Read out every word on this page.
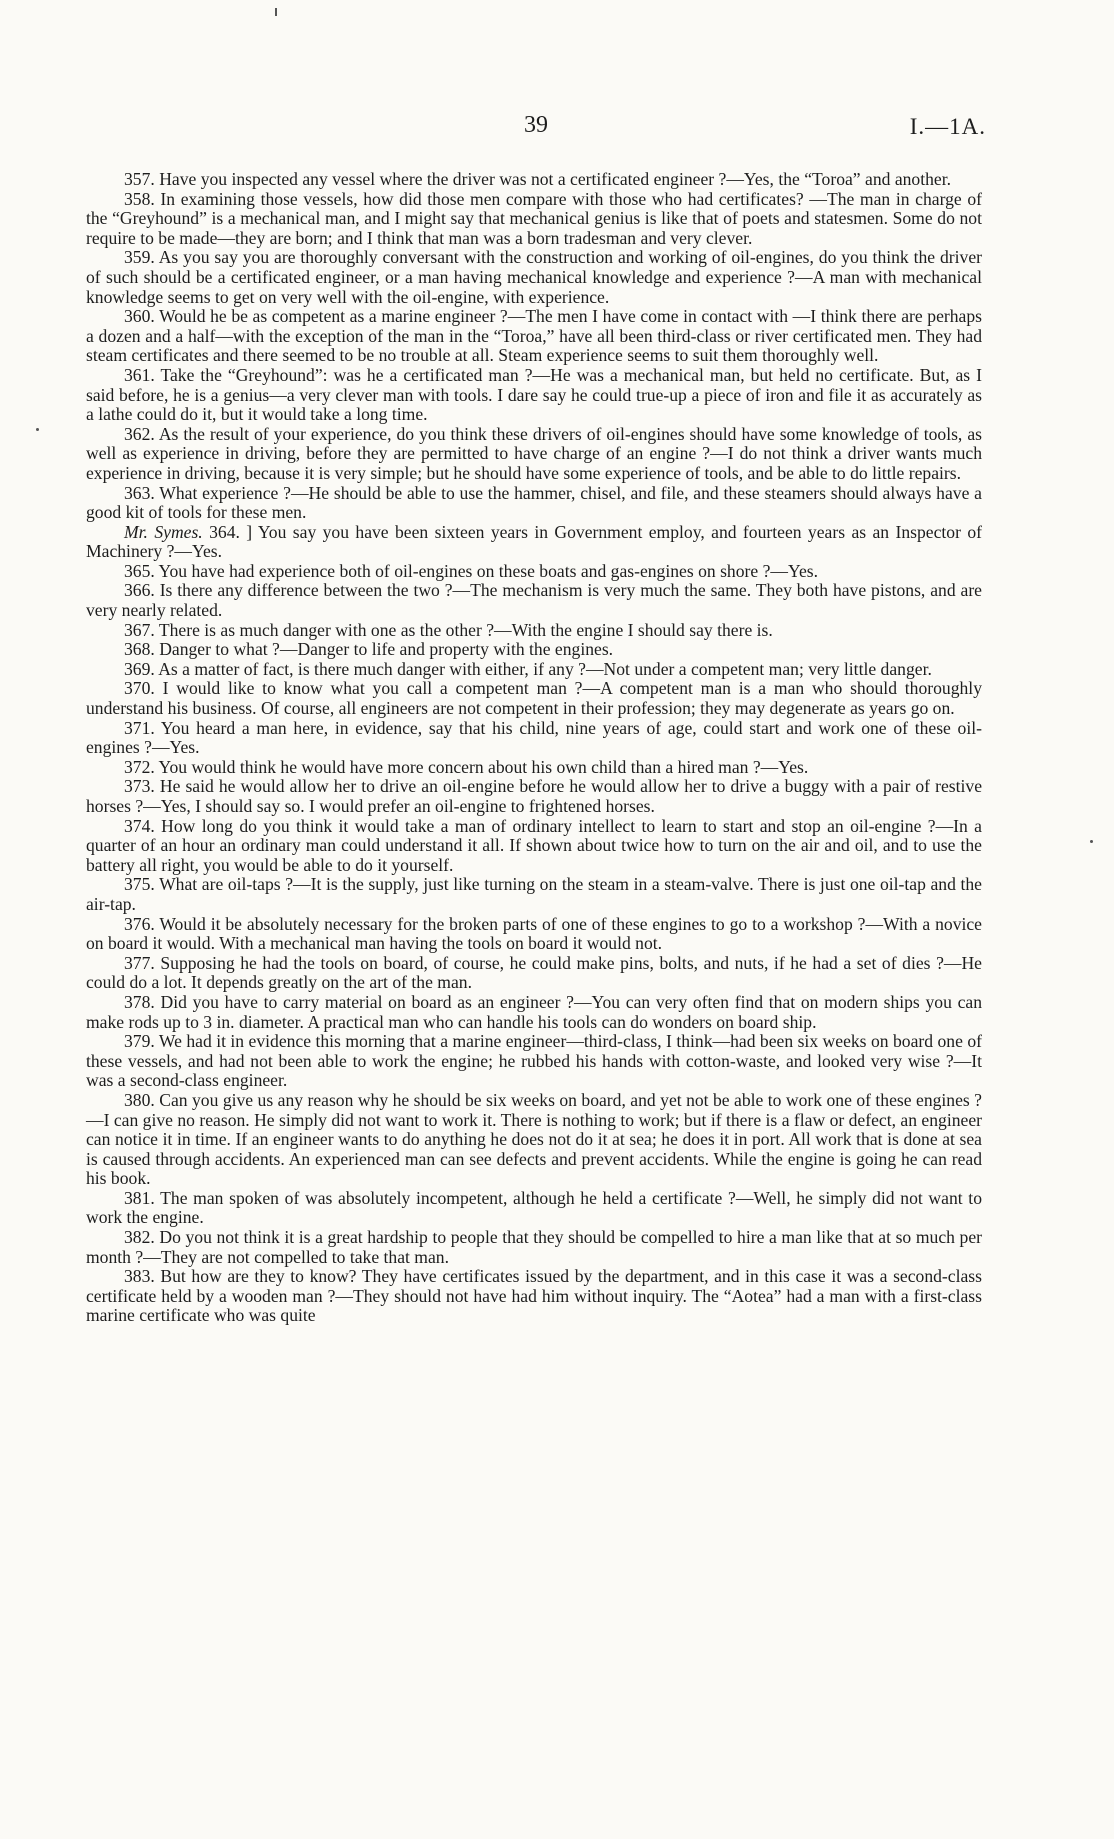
39	I.—1A.

357. Have you inspected any vessel where the driver was not a certificated engineer ?—Yes, the “Toroa” and another.

358. In examining those vessels, how did those men compare with those who had certificates? —The man in charge of the “Greyhound” is a mechanical man, and I might say that mechanical genius is like that of poets and statesmen. Some do not require to be made—they are born; and I think that man was a born tradesman and very clever.

359. As you say you are thoroughly conversant with the construction and working of oil-engines, do you think the driver of such should be a certificated engineer, or a man having mechanical knowledge and experience ?—A man with mechanical knowledge seems to get on very well with the oil-engine, with experience.

360. Would he be as competent as a marine engineer ?—The men I have come in contact with —I think there are perhaps a dozen and a half—with the exception of the man in the “Toroa,” have all been third-class or river certificated men. They had steam certificates and there seemed to be no trouble at all. Steam experience seems to suit them thoroughly well.

361. Take the “Greyhound”: was he a certificated man ?—He was a mechanical man, but held no certificate. But, as I said before, he is a genius—a very clever man with tools. I dare say he could true-up a piece of iron and file it as accurately as a lathe could do it, but it would take a long time.

362. As the result of your experience, do you think these drivers of oil-engines should have some knowledge of tools, as well as experience in driving, before they are permitted to have charge of an engine ?—I do not think a driver wants much experience in driving, because it is very simple; but he should have some experience of tools, and be able to do little repairs.

363. What experience ?—He should be able to use the hammer, chisel, and file, and these steamers should always have a good kit of tools for these men.

Mr. Symes. 364. ] You say you have been sixteen years in Government employ, and fourteen years as an Inspector of Machinery ?—Yes.

365. You have had experience both of oil-engines on these boats and gas-engines on shore ?—Yes.

366. Is there any difference between the two ?—The mechanism is very much the same. They both have pistons, and are very nearly related.

367. There is as much danger with one as the other ?—With the engine I should say there is.

368. Danger to what ?—Danger to life and property with the engines.

369. As a matter of fact, is there much danger with either, if any ?—Not under a competent man; very little danger.

370. I would like to know what you call a competent man ?—A competent man is a man who should thoroughly understand his business. Of course, all engineers are not competent in their profession; they may degenerate as years go on.

371. You heard a man here, in evidence, say that his child, nine years of age, could start and work one of these oil-engines ?—Yes.

372. You would think he would have more concern about his own child than a hired man ?—Yes.

373. He said he would allow her to drive an oil-engine before he would allow her to drive a buggy with a pair of restive horses ?—Yes, I should say so. I would prefer an oil-engine to frightened horses.

374. How long do you think it would take a man of ordinary intellect to learn to start and stop an oil-engine ?—In a quarter of an hour an ordinary man could understand it all. If shown about twice how to turn on the air and oil, and to use the battery all right, you would be able to do it yourself.

375. What are oil-taps ?—It is the supply, just like turning on the steam in a steam-valve. There is just one oil-tap and the air-tap.

376. Would it be absolutely necessary for the broken parts of one of these engines to go to a workshop ?—With a novice on board it would. With a mechanical man having the tools on board it would not.

377. Supposing he had the tools on board, of course, he could make pins, bolts, and nuts, if he had a set of dies ?—He could do a lot. It depends greatly on the art of the man.

378. Did you have to carry material on board as an engineer ?—You can very often find that on modern ships you can make rods up to 3 in. diameter. A practical man who can handle his tools can do wonders on board ship.

379. We had it in evidence this morning that a marine engineer—third-class, I think—had been six weeks on board one of these vessels, and had not been able to work the engine; he rubbed his hands with cotton-waste, and looked very wise ?—It was a second-class engineer.

380. Can you give us any reason why he should be six weeks on board, and yet not be able to work one of these engines ?—I can give no reason. He simply did not want to work it. There is nothing to work; but if there is a flaw or defect, an engineer can notice it in time. If an engineer wants to do anything he does not do it at sea; he does it in port. All work that is done at sea is caused through accidents. An experienced man can see defects and prevent accidents. While the engine is going he can read his book.

381. The man spoken of was absolutely incompetent, although he held a certificate ?—Well, he simply did not want to work the engine.

382. Do you not think it is a great hardship to people that they should be compelled to hire a man like that at so much per month ?—They are not compelled to take that man.

383. But how are they to know? They have certificates issued by the department, and in this case it was a second-class certificate held by a wooden man ?—They should not have had him without inquiry. The “Aotea” had a man with a first-class marine certificate who was quite
